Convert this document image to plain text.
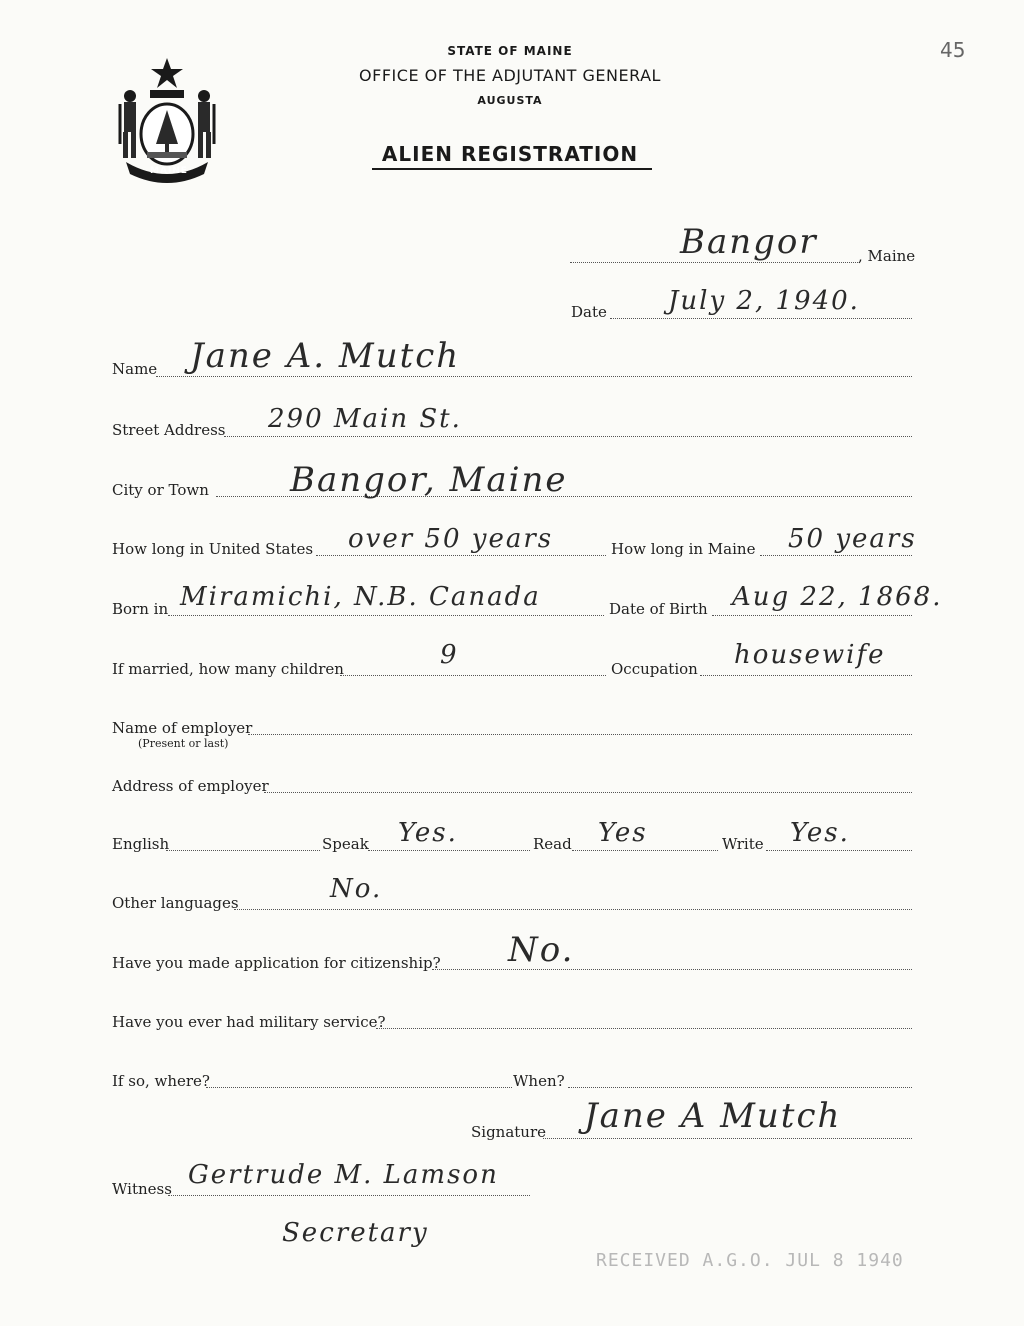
MAINE
STATE OF MAINE
OFFICE OF THE ADJUTANT GENERAL
AUGUSTA
ALIEN REGISTRATION
45
Bangor	, Maine
Date July 2, 1940.
Name Jane A. Mutch
Street Address 290 Main St.
City or Town Bangor, Maine
How long in United States over 50 years	How long in Maine 50 years
Born in Miramichi, N.B. Canada	Date of Birth Aug 22, 1868.
If married, how many children	9	Occupation housewife
Name of employer
(Present or last)
Address of employer
English	Speak Yes.	Read Yes	Write Yes.
Other languages	No.
Have you made application for citizenship? No.
Have you ever had military service?
If so, where?	When?
Signature Jane A Mutch
Witness Gertrude M. Lamson
Secretary
RECEIVED A.G.O. JUL 8 1940
